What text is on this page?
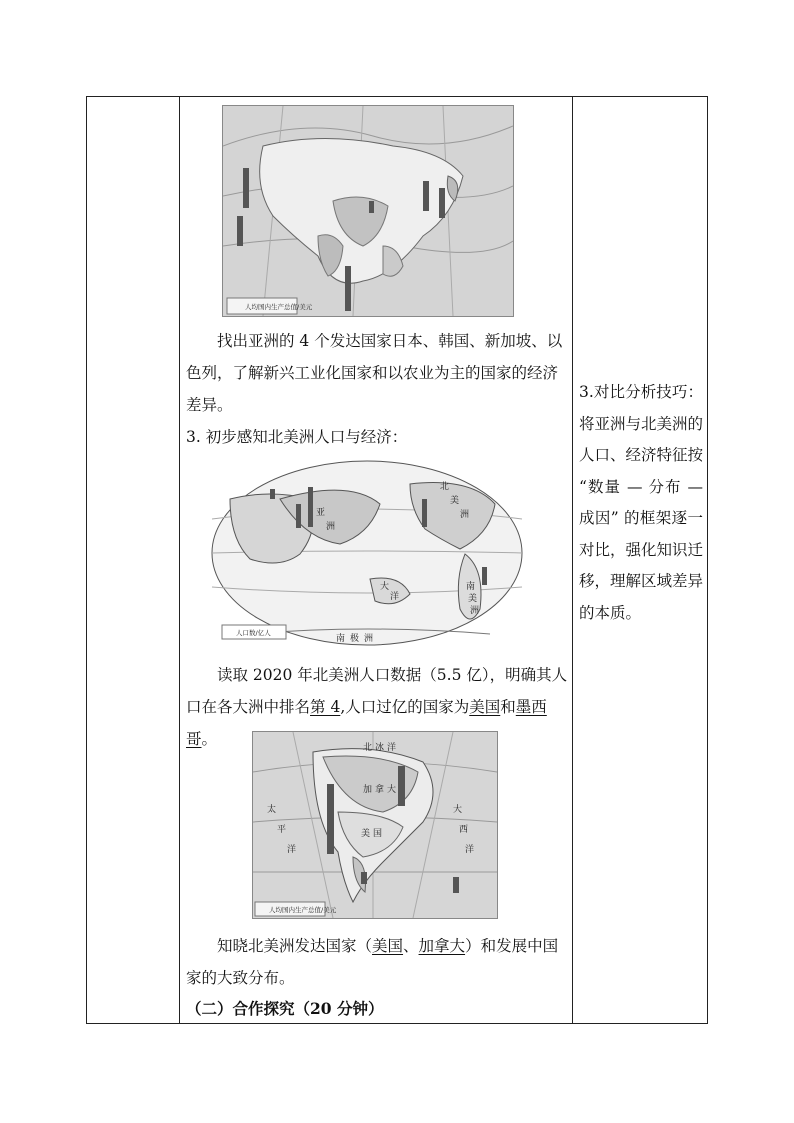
人均国内生产总值/美元
找出亚洲的 4 个发达国家日本、韩国、新加坡、以色列，了解新兴工业化国家和以农业为主的国家的经济差异。
3. 初步感知北美洲人口与经济：
亚
洲
北
美
洲
大
洋
南 极 洲
南
美
洲
人口数/亿人
读取 2020 年北美洲人口数据（5.5 亿），明确其人口在各大洲中排名第 4,人口过亿的国家为美国和墨西哥。	北 冰 洋
太
平
洋
大
西
洋
加 拿 大
美 国
人均国内生产总值/美元
知晓北美洲发达国家（美国、加拿大）和发展中国家的大致分布。
（二）合作探究（20 分钟）

3.对比分析技巧：将亚洲与北美洲的人口、经济特征按 “数量 — 分布 — 成因” 的框架逐一对比，强化知识迁移，理解区域差异的本质。
